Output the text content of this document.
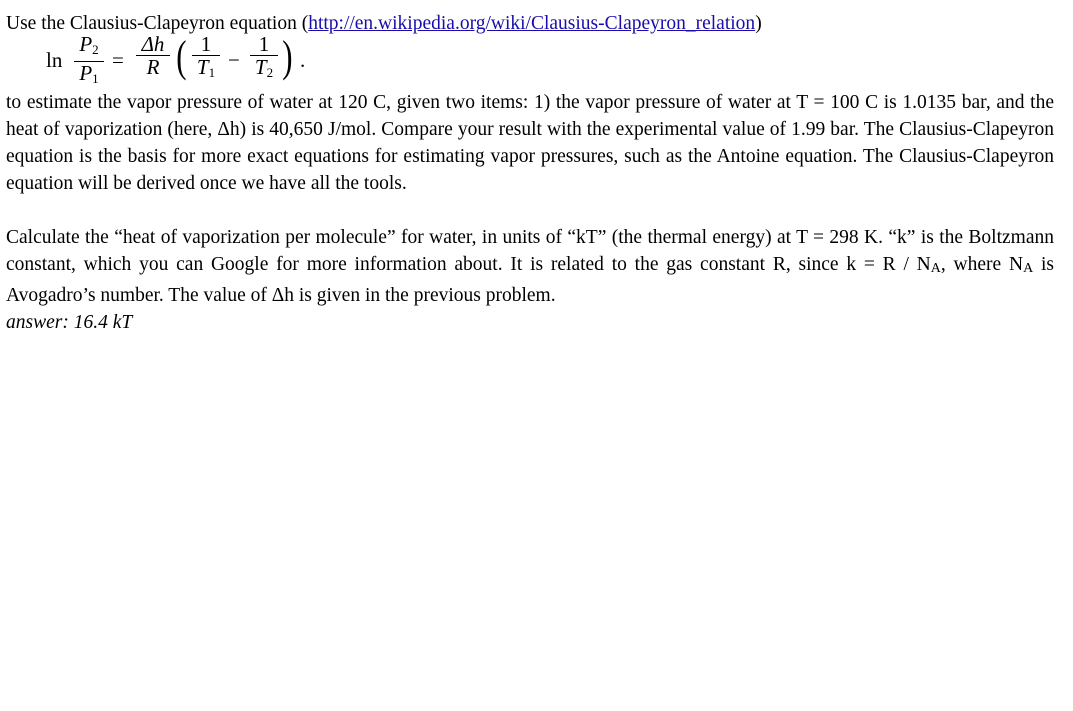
Use the Clausius-Clapeyron equation (http://en.wikipedia.org/wiki/Clausius-Clapeyron_relation)
ln
$P_2$
$P_1$
=
Δh
R ( 1
$T_1$
−
1
$T_2$ ) .
to estimate the vapor pressure of water at 120 C, given two items: 1) the vapor pressure of water at T = 100 C is 1.0135 bar, and the heat of vaporization (here, Δh) is 40,650 J/mol. Compare your result with the experimental value of 1.99 bar. The Clausius-Clapeyron equation is the basis for more exact equations for estimating vapor pressures, such as the Antoine equation. The Clausius-Clapeyron equation will be derived once we have all the tools.
Calculate the “heat of vaporization per molecule” for water, in units of “kT” (the thermal energy) at T = 298 K. “k” is the Boltzmann constant, which you can Google for more information about. It is related to the gas constant R, since k = R / NA, where NA is Avogadro’s number. The value of Δh is given in the previous problem.
answer: 16.4 kT
